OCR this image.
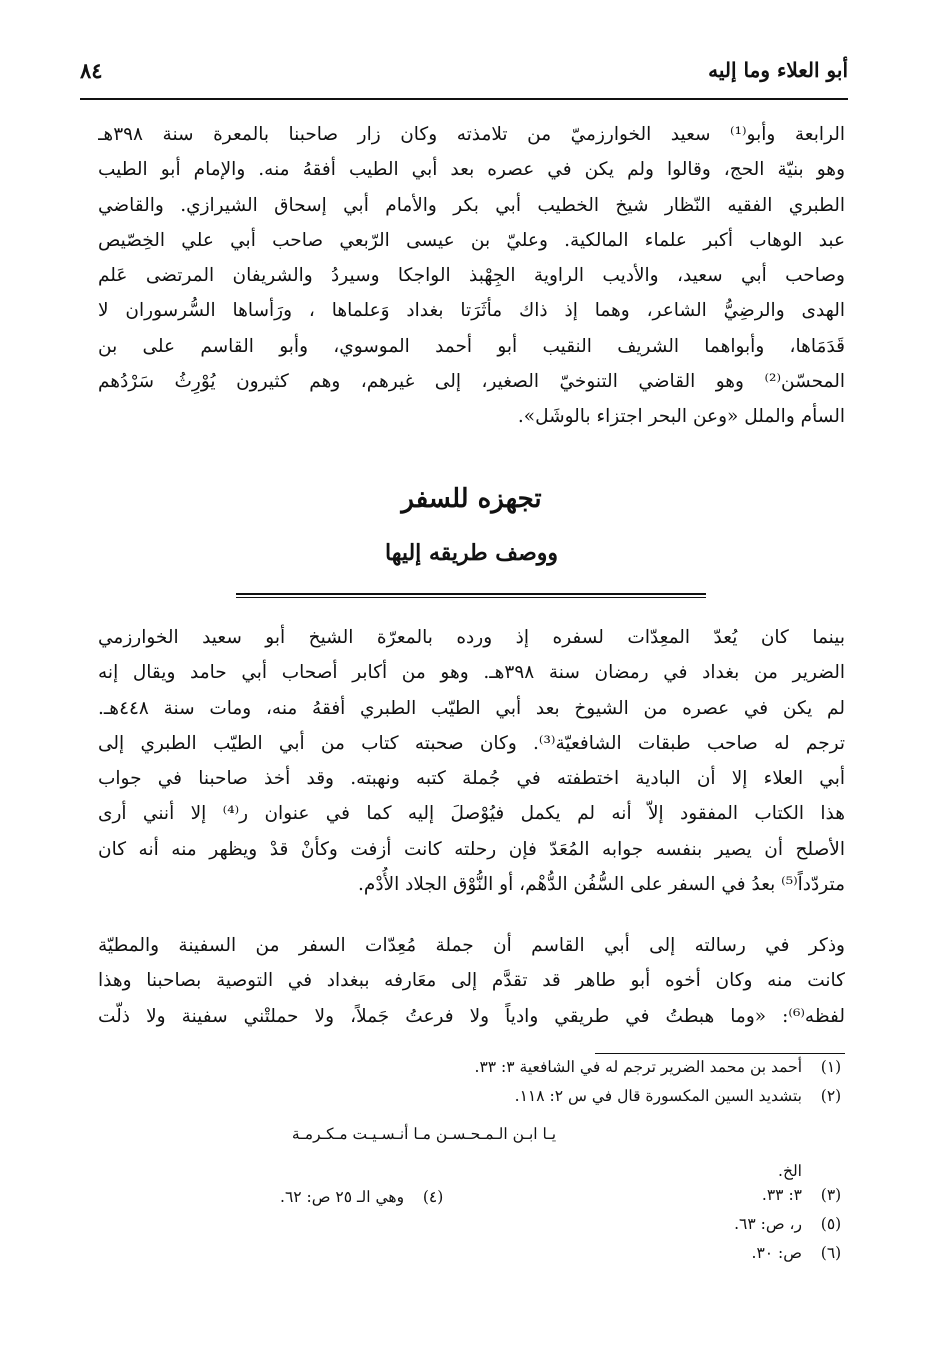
أبو العلاء وما إليه
٨٤

الرابعة وأبو⁽¹⁾ سعيد الخوارزميّ من تلامذته وكان زار صاحبنا بالمعرة سنة ٣٩٨هـ

وهو بنيّة الحج، وقالوا ولم يكن في عصره بعد أبي الطيب أفقهُ منه. والإمام أبو الطيب

الطبري الفقيه النّظار شيخ الخطيب أبي بكر والأمام أبي إسحاق الشيرازي. والقاضي

عبد الوهاب أكبر علماء المالكية. وعليّ بن عيسى الرّبعي صاحب أبي علي الخِصّيص

وصاحب أبي سعيد، والأديب الراوية الجِهْبذ الواجكا وسيردُ والشريفان المرتضى عَلم

الهدى والرضِيُّ الشاعر، وهما إذ ذاك مأثَرَتا بغداد وَعلماها ، ورَأساها السُّرسوران لا

قَدَمَاها، وأبواهما الشريف النقيب أبو أحمد الموسوي، وأبو القاسم على بن

المحسّن⁽²⁾ وهو القاضي التنوخيّ الصغير، إلى غيرهم، وهم كثيرون يُوْرِثُ سَرْدُهم

السأم والملل «وعن البحر اجتزاء بالوشَل».

تجهزه للسفر
ووصف طريقه إليها

بينما كان يُعدّ المعِدّات لسفره إذ ورده بالمعرّة الشيخ أبو سعيد الخوارزمي

الضرير من بغداد في رمضان سنة ٣٩٨هـ. وهو من أكابر أصحاب أبي حامد ويقال إنه

لم يكن في عصره من الشيوخ بعد أبي الطيّب الطبري أفقهُ منه، ومات سنة ٤٤٨هـ.

ترجم له صاحب طبقات الشافعيّة⁽³⁾. وكان صحبته كتاب من أبي الطيّب الطبري إلى

أبي العلاء إلا أن البادية اختطفته في جُملة كتبه ونهبته. وقد أخذ صاحبنا في جواب

هذا الكتاب المفقود إلاّ أنه لم يكمل فيُوْصلَ إليه كما في عنوان ر⁽⁴⁾ إلا أنني أرى

الأصلح أن يصير بنفسه جوابه المُعَدّ فإن رحلته كانت أزفت وكأنْ قدْ ويظهر منه أنه كان

متردّداً⁽⁵⁾ بعدُ في السفر على السُّفُن الدُّهْم، أو النُّوْق الجلاد الأُدْم.

وذكر في رسالته إلى أبي القاسم أن جملة مُعِدّات السفر من السفينة والمطيّة

كانت منه وكان أخوه أبو طاهر قد تقدَّم إلى معَارفه ببغداد في التوصية بصاحبنا وهذا

لفظه⁽⁶⁾: «وما هبطتُ في طريقي وادياً ولا فرعتُ جَملاً، ولا حملتْني سفينة ولا ذلّت

(١)أحمد بن محمد الضرير ترجم له في الشافعية ٣: ٣٣.
(٢)بتشديد السين المكسورة قال في س ٢: ١١٨.
الخ.
(٣)٣: ٣٣.
(٥)ر، ص: ٦٣.
(٦)ص: ٣٠.
يـا ابـن الـمـحـسـن مـا أنـسـيـت مـكـرمـة
(٤)وهي الـ ٢٥ ص: ٦٢.
